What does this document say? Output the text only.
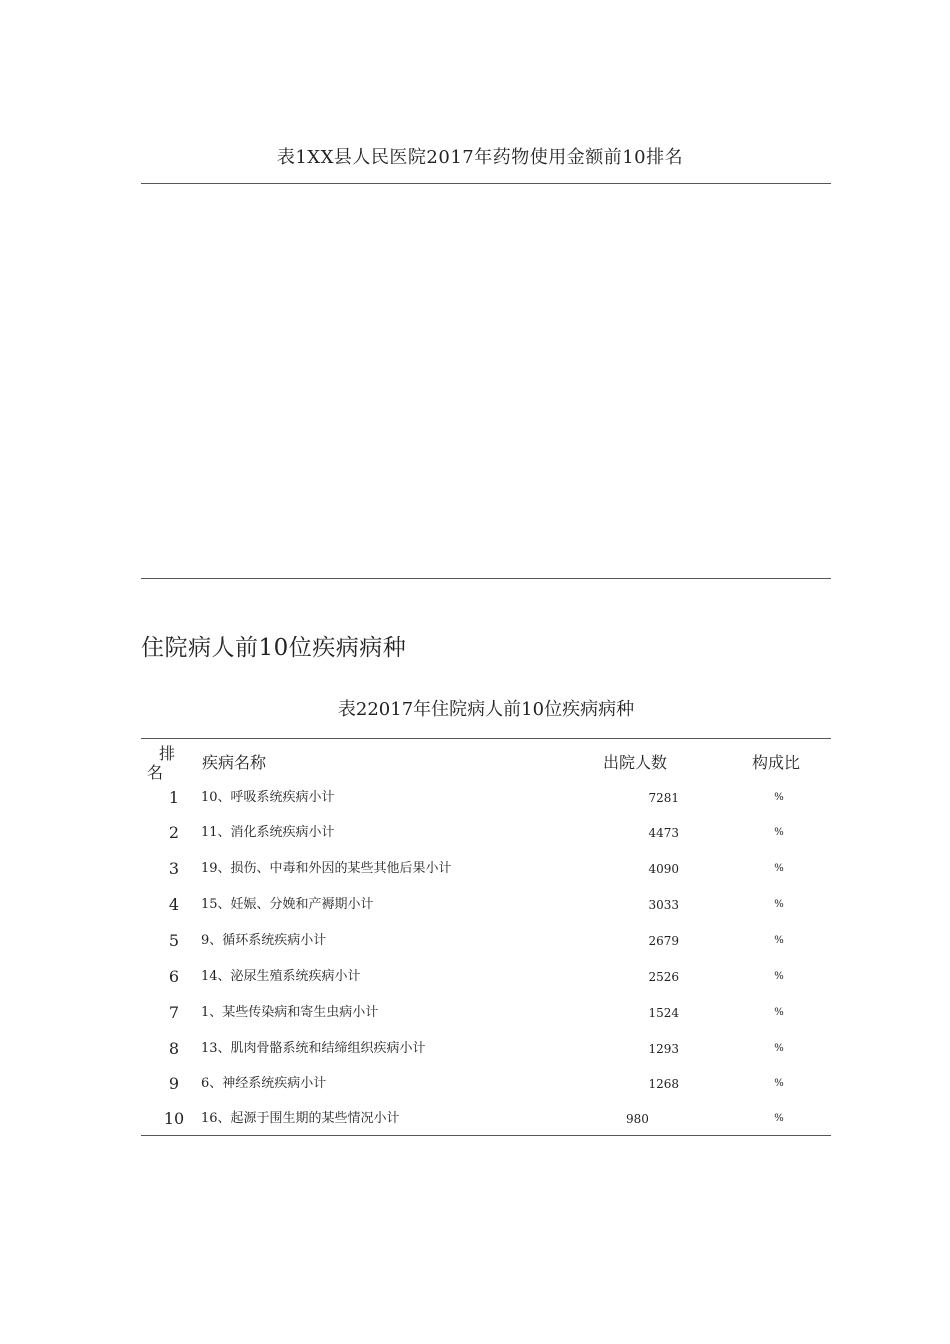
表1XX县人民医院2017年药物使用金额前10排名
住院病人前10位疾病病种
表22017年住院病人前10位疾病病种
排
名
疾病名称	出院人数	构成比
1	10、呼吸系统疾病小计	7281	%
2	11、消化系统疾病小计	4473	%
3	19、损伤、中毒和外因的某些其他后果小计	4090	%
4	15、妊娠、分娩和产褥期小计	3033	%
5	9、循环系统疾病小计	2679	%
6	14、泌尿生殖系统疾病小计	2526	%
7	1、某些传染病和寄生虫病小计	1524	%
8	13、肌肉骨骼系统和结缔组织疾病小计	1293	%
9	6、神经系统疾病小计	1268	%
10	16、起源于围生期的某些情况小计	980	%
